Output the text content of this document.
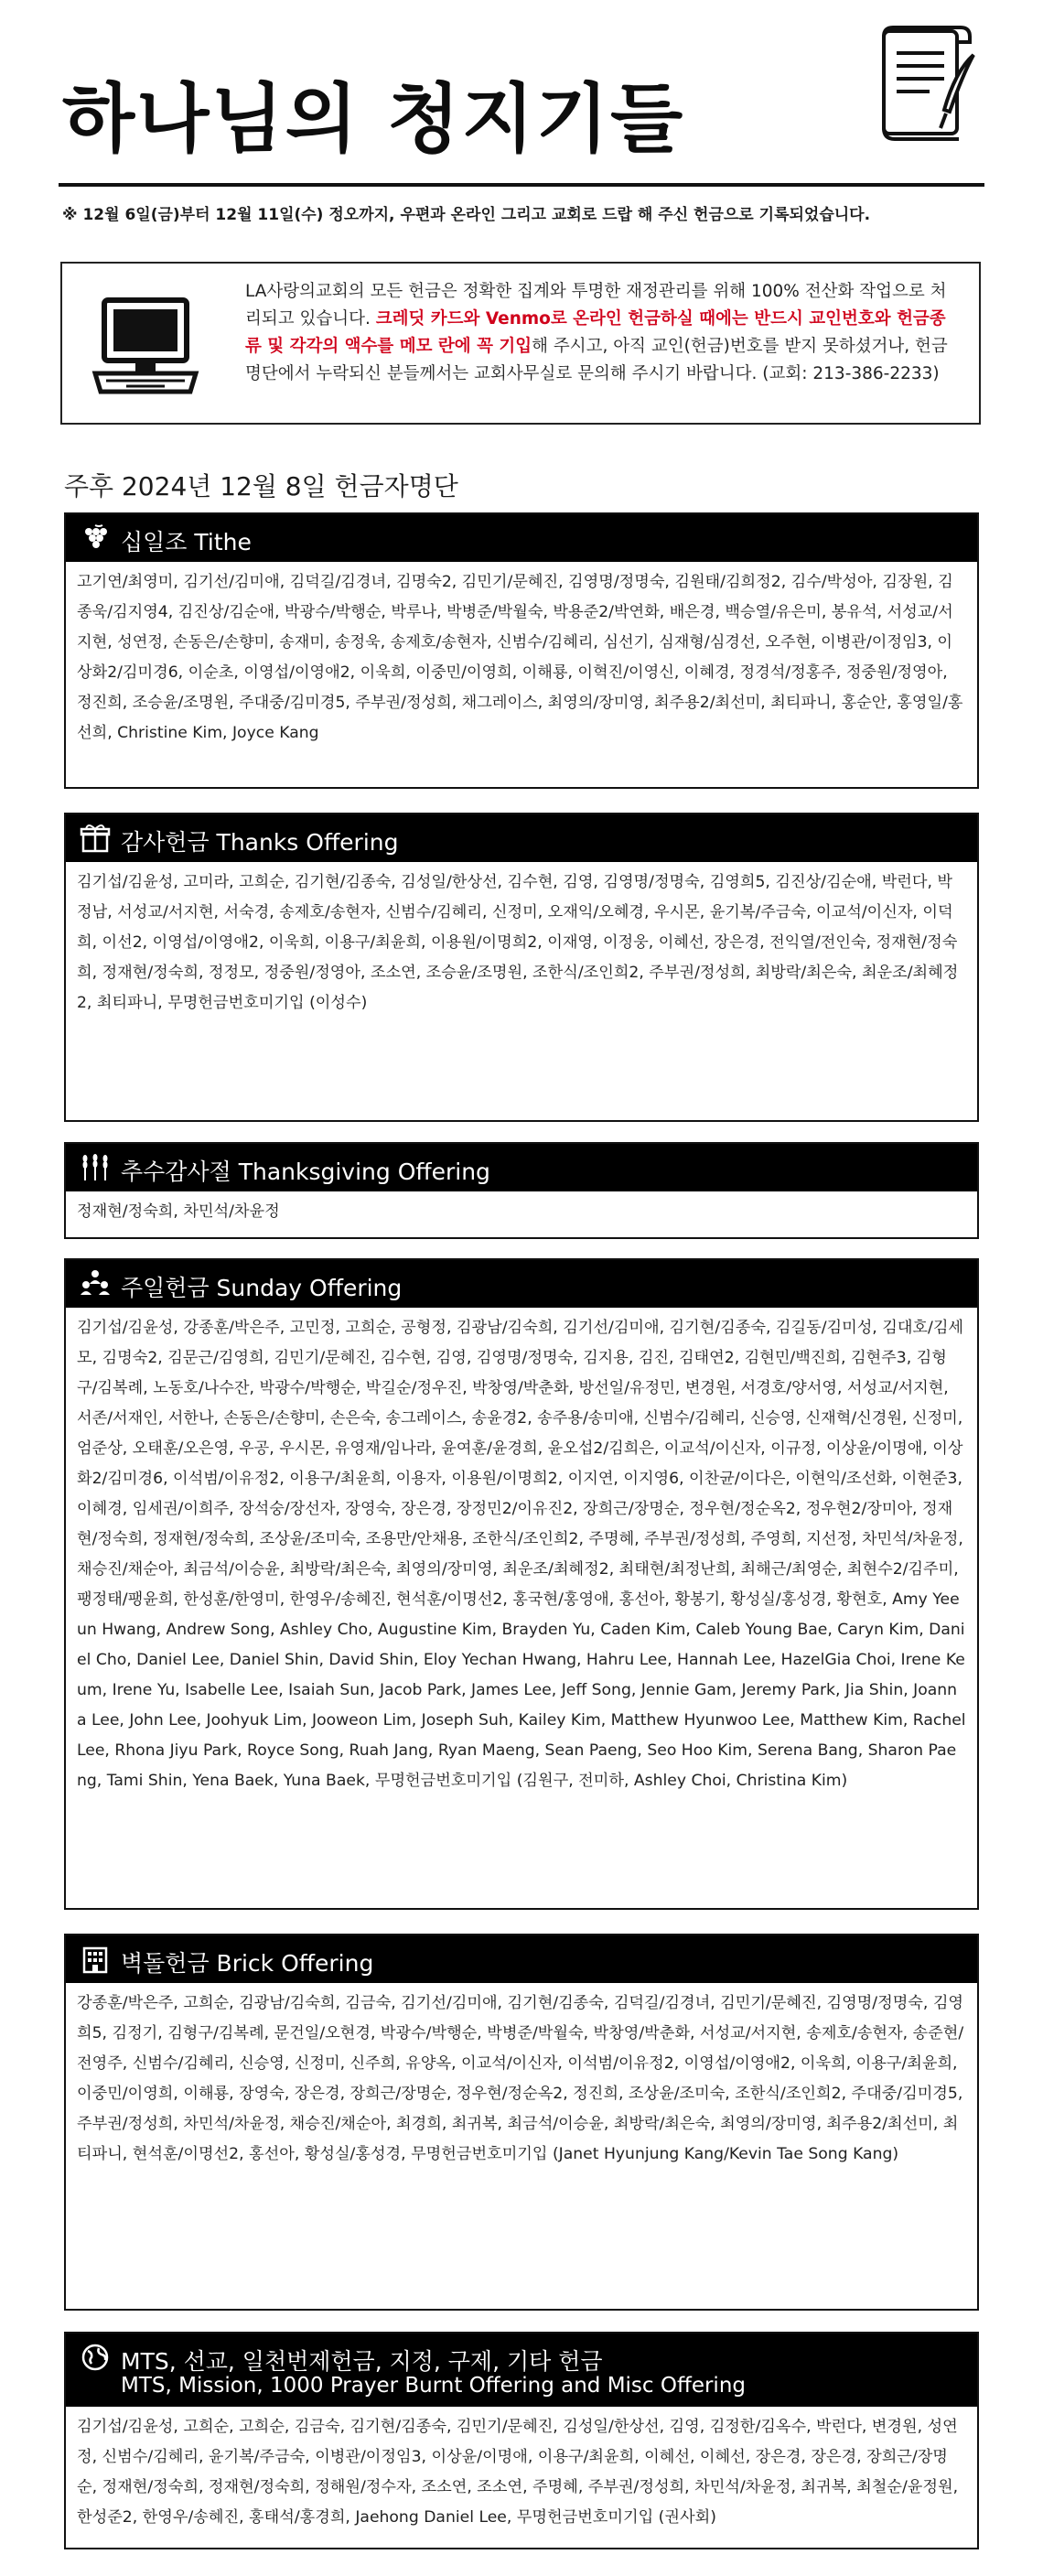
하나님의 청지기들
※ 12월 6일(금)부터 12월 11일(수) 정오까지, 우편과 온라인 그리고 교회로 드랍 해 주신 헌금으로 기록되었습니다.
LA사랑의교회의 모든 헌금은 정확한 집계와 투명한 재정관리를 위해 100% 전산화 작업으로 처리되고 있습니다. 크레딧 카드와 Venmo로 온라인 헌금하실 때에는 반드시 교인번호와 헌금종류 및 각각의 액수를 메모 란에 꼭 기입해 주시고, 아직 교인(헌금)번호를 받지 못하셨거나, 헌금 명단에서 누락되신 분들께서는 교회사무실로 문의해 주시기 바랍니다. (교회: 213-386-2233)
주후 2024년 12월 8일 헌금자명단
십일조 Tithe
고기연/최영미, 김기선/김미애, 김덕길/김경녀, 김명숙2, 김민기/문혜진, 김영명/정명숙, 김원태/김희정2, 김수/박성아, 김장원, 김종욱/김지영4, 김진상/김순애, 박광수/박행순, 박루나, 박병준/박월숙, 박용준2/박연화, 배은경, 백승열/유은미, 봉유석, 서성교/서지현, 성연정, 손동은/손향미, 송재미, 송정욱, 송제호/송현자, 신범수/김혜리, 심선기, 심재형/심경선, 오주현, 이병관/이정임3, 이상화2/김미경6, 이순초, 이영섭/이영애2, 이욱희, 이중민/이영희, 이해룡, 이혁진/이영신, 이혜경, 정경석/정홍주, 정중원/정영아, 정진희, 조승윤/조명원, 주대중/김미경5, 주부권/정성희, 채그레이스, 최영의/장미영, 최주용2/최선미, 최티파니, 홍순안, 홍영일/홍선희, Christine Kim, Joyce Kang
감사헌금 Thanks Offering
김기섭/김윤성, 고미라, 고희순, 김기현/김종숙, 김성일/한상선, 김수현, 김영, 김영명/정명숙, 김영희5, 김진상/김순애, 박런다, 박정남, 서성교/서지현, 서숙경, 송제호/송현자, 신범수/김혜리, 신정미, 오재익/오혜경, 우시몬, 윤기복/주금숙, 이교석/이신자, 이덕희, 이선2, 이영섭/이영애2, 이욱희, 이용구/최윤희, 이용원/이명희2, 이재영, 이정웅, 이혜선, 장은경, 전익열/전인숙, 정재현/정숙희, 정재현/정숙희, 정정모, 정중원/정영아, 조소연, 조승윤/조명원, 조한식/조인희2, 주부권/정성희, 최방락/최은숙, 최운조/최혜정2, 최티파니, 무명헌금번호미기입 (이성수)
추수감사절 Thanksgiving Offering
정재현/정숙희, 차민석/차윤정
주일헌금 Sunday Offering
김기섭/김윤성, 강종훈/박은주, 고민정, 고희순, 공형정, 김광남/김숙희, 김기선/김미애, 김기현/김종숙, 김길동/김미성, 김대호/김세모, 김명숙2, 김문근/김영희, 김민기/문혜진, 김수현, 김영, 김영명/정명숙, 김지용, 김진, 김태연2, 김현민/백진희, 김현주3, 김형구/김복례, 노동호/나수잔, 박광수/박행순, 박길순/정우진, 박창영/박춘화, 방선일/유정민, 변경원, 서경호/양서영, 서성교/서지현, 서존/서재인, 서한나, 손동은/손향미, 손은숙, 송그레이스, 송윤경2, 송주용/송미애, 신범수/김혜리, 신승영, 신재혁/신경원, 신정미, 엄준상, 오태훈/오은영, 우공, 우시몬, 유영재/임나라, 윤여훈/윤경희, 윤오섭2/김희은, 이교석/이신자, 이규정, 이상윤/이명애, 이상화2/김미경6, 이석범/이유정2, 이용구/최윤희, 이용자, 이용원/이명희2, 이지연, 이지영6, 이찬균/이다은, 이현익/조선화, 이현준3, 이혜경, 임세권/이희주, 장석숭/장선자, 장영숙, 장은경, 장정민2/이유진2, 장희근/장명순, 정우현/정순옥2, 정우현2/장미아, 정재현/정숙희, 정재현/정숙희, 조상윤/조미숙, 조용만/안채용, 조한식/조인희2, 주명혜, 주부권/정성희, 주영희, 지선정, 차민석/차윤정, 채승진/채순아, 최금석/이승윤, 최방락/최은숙, 최영의/장미영, 최운조/최혜정2, 최태현/최정난희, 최해근/최영순, 최현수2/김주미, 팽정태/팽윤희, 한성훈/한영미, 한영우/송혜진, 현석훈/이명선2, 홍국현/홍영애, 홍선아, 황봉기, 황성실/홍성경, 황현호, Amy Yeeun Hwang, Andrew Song, Ashley Cho, Augustine Kim, Brayden Yu, Caden Kim, Caleb Young Bae, Caryn Kim, Daniel Cho, Daniel Lee, Daniel Shin, David Shin, Eloy Yechan Hwang, Hahru Lee, Hannah Lee, HazelGia Choi, Irene Keum, Irene Yu, Isabelle Lee, Isaiah Sun, Jacob Park, James Lee, Jeff Song, Jennie Gam, Jeremy Park, Jia Shin, Joanna Lee, John Lee, Joohyuk Lim, Jooweon Lim, Joseph Suh, Kailey Kim, Matthew Hyunwoo Lee, Matthew Kim, Rachel Lee, Rhona Jiyu Park, Royce Song, Ruah Jang, Ryan Maeng, Sean Paeng, Seo Hoo Kim, Serena Bang, Sharon Paeng, Tami Shin, Yena Baek, Yuna Baek, 무명헌금번호미기입 (김원구, 전미하, Ashley Choi, Christina Kim)
벽돌헌금 Brick Offering
강종훈/박은주, 고희순, 김광남/김숙희, 김금숙, 김기선/김미애, 김기현/김종숙, 김덕길/김경녀, 김민기/문혜진, 김영명/정명숙, 김영희5, 김정기, 김형구/김복례, 문건일/오현경, 박광수/박행순, 박병준/박월숙, 박창영/박춘화, 서성교/서지현, 송제호/송현자, 송준현/전영주, 신범수/김혜리, 신승영, 신정미, 신주희, 유양옥, 이교석/이신자, 이석범/이유정2, 이영섭/이영애2, 이욱희, 이용구/최윤희, 이중민/이영희, 이해룡, 장영숙, 장은경, 장희근/장명순, 정우현/정순옥2, 정진희, 조상윤/조미숙, 조한식/조인희2, 주대중/김미경5, 주부권/정성희, 차민석/차윤정, 채승진/채순아, 최경희, 최귀복, 최금석/이승윤, 최방락/최은숙, 최영의/장미영, 최주용2/최선미, 최티파니, 현석훈/이명선2, 홍선아, 황성실/홍성경, 무명헌금번호미기입 (Janet Hyunjung Kang/Kevin Tae Song Kang)
MTS, 선교, 일천번제헌금, 지정, 구제, 기타 헌금
MTS, Mission, 1000 Prayer Burnt Offering and Misc Offering
김기섭/김윤성, 고희순, 고희순, 김금숙, 김기현/김종숙, 김민기/문혜진, 김성일/한상선, 김영, 김정한/김옥수, 박런다, 변경원, 성연정, 신범수/김혜리, 윤기복/주금숙, 이병관/이정임3, 이상윤/이명애, 이용구/최윤희, 이혜선, 이혜선, 장은경, 장은경, 장희근/장명순, 정재현/정숙희, 정재현/정숙희, 정해원/정수자, 조소연, 조소연, 주명혜, 주부권/정성희, 차민석/차윤정, 최귀복, 최철순/윤정원, 한성준2, 한영우/송혜진, 홍태석/홍경희, Jaehong Daniel Lee, 무명헌금번호미기입 (권사회)
